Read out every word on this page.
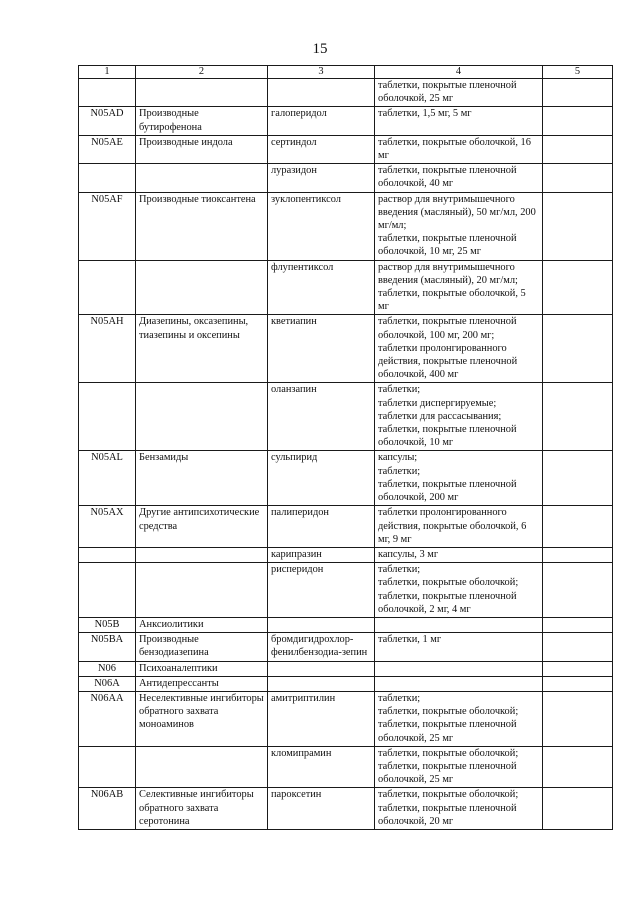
15
1	2	3	4	5
			таблетки, покрытые пленочной оболочкой, 25 мг	
N05AD	Производные бутирофенона	галоперидол	таблетки, 1,5 мг, 5 мг	
N05AE	Производные индола	сертиндол	таблетки, покрытые оболочкой, 16 мг	
		луразидон	таблетки, покрытые пленочной оболочкой, 40 мг	
N05AF	Производные тиоксантена	зуклопентиксол	раствор для внутримышечного введения (масляный), 50 мг/мл, 200 мг/мл;
таблетки, покрытые пленочной оболочкой, 10 мг, 25 мг	
		флупентиксол	раствор для внутримышечного введения (масляный), 20 мг/мл;
таблетки, покрытые оболочкой, 5 мг	
N05AH	Диазепины, оксазепины, тиазепины и оксепины	кветиапин	таблетки, покрытые пленочной оболочкой, 100 мг, 200 мг;
таблетки пролонгированного действия, покрытые пленочной оболочкой, 400 мг	
		оланзапин	таблетки;
таблетки диспергируемые;
таблетки для рассасывания;
таблетки, покрытые пленочной оболочкой, 10 мг	
N05AL	Бензамиды	сульпирид	капсулы;
таблетки;
таблетки, покрытые пленочной оболочкой, 200 мг	
N05AX	Другие антипсихотические средства	палиперидон	таблетки пролонгированного действия, покрытые оболочкой, 6 мг, 9 мг	
		карипразин	капсулы, 3 мг	
		рисперидон	таблетки;
таблетки, покрытые оболочкой;
таблетки, покрытые пленочной оболочкой, 2 мг, 4 мг	
N05B	Анксиолитики			
N05BA	Производные бензодиазепина	бромдигидрохлор-фенилбензодиа-зепин	таблетки, 1 мг	
N06	Психоаналептики			
N06A	Антидепрессанты			
N06AA	Неселективные ингибиторы обратного захвата моноаминов	амитриптилин	таблетки;
таблетки, покрытые оболочкой;
таблетки, покрытые пленочной оболочкой, 25 мг	
		кломипрамин	таблетки, покрытые оболочкой;
таблетки, покрытые пленочной оболочкой, 25 мг	
N06AB	Селективные ингибиторы обратного захвата серотонина	пароксетин	таблетки, покрытые оболочкой;
таблетки, покрытые пленочной оболочкой, 20 мг	
